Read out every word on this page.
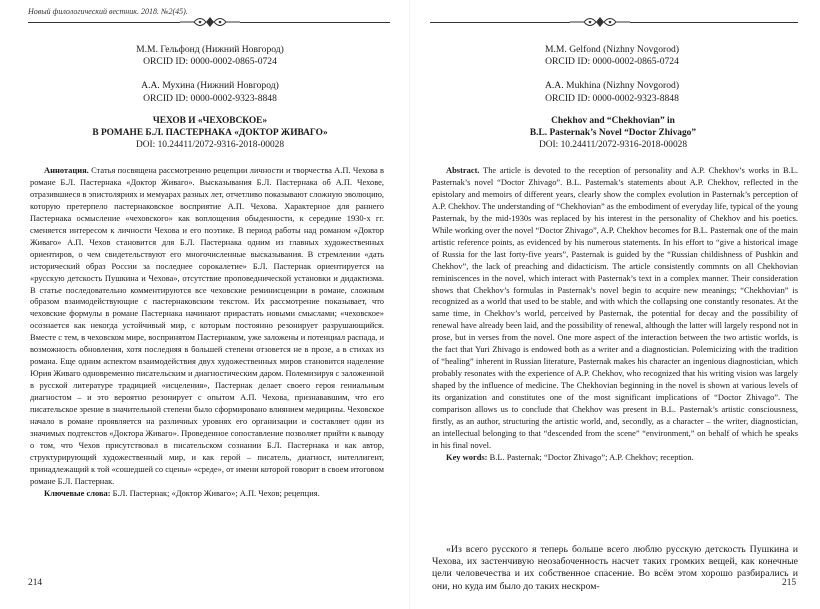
Новый филологический вестник. 2018. №2(45).
М.М. Гельфонд (Нижний Новгород)
ORCID ID: 0000-0002-0865-0724
А.А. Мухина (Нижний Новгород)
ORCID ID: 0000-0002-9323-8848
ЧЕХОВ И «ЧЕХОВСКОЕ»
В РОМАНЕ Б.Л. ПАСТЕРНАКА «ДОКТОР ЖИВАГО»
DOI: 10.24411/2072-9316-2018-00028

Аннотация. Статья посвящена рассмотрению рецепции личности и творчества А.П. Чехова в романе Б.Л. Пастернака «Доктор Живаго». Высказывания Б.Л. Пастернака об А.П. Чехове, отразившиеся в эпистоляриях и мемуарах разных лет, отчетливо показывают сложную эволюцию, которую претерпело пастернаковское восприятие А.П. Чехова. Характерное для раннего Пастернака осмысление «чеховского» как воплощения обыденности, к середине 1930-х гг. сменяется интересом к личности Чехова и его поэтике. В период работы над романом «Доктор Живаго» А.П. Чехов становится для Б.Л. Пастернака одним из главных художественных ориентиров, о чем свидетельствуют его многочисленные высказывания. В стремлении «дать исторический образ России за последнее сорокалетие» Б.Л. Пастернак ориентируется на «русскую детскость Пушкина и Чехова», отсутствие проповеднической установки и дидактизма. В статье последовательно комментируются все чеховские реминисценции в романе, сложным образом взаимодействующие с пастернаковским текстом. Их рассмотрение показывает, что чеховские формулы в романе Пастернака начинают прирастать новыми смыслами; «чеховское» осознается как некогда устойчивый мир, с которым постоянно резонирует разрушающийся. Вместе с тем, в чеховском мире, воспринятом Пастернаком, уже заложены и потенциал распада, и возможность обновления, хотя последняя в большей степени отзовется не в прозе, а в стихах из романа. Еще одним аспектом взаимодействия двух художественных миров становится наделение Юрия Живаго одновременно писательским и диагностическим даром. Полемизируя с заложенной в русской литературе традицией «исцеления», Пастернак делает своего героя гениальным диагностом – и это вероятно резонирует с опытом А.П. Чехова, признававшим, что его писательское зрение в значительной степени было сформировано влиянием медицины. Чеховское начало в романе проявляется на различных уровнях его организации и составляет один из значимых подтекстов «Доктора Живаго». Проведенное сопоставление позволяет прийти к выводу о том, что Чехов присутствовал в писательском сознании Б.Л. Пастернака и как автор, структурирующий художественный мир, и как герой – писатель, диагност, интеллигент, принадлежащий к той «сошедшей со сцены» «среде», от имени которой говорит в своем итоговом романе Б.Л. Пастернак.

Ключевые слова: Б.Л. Пастернак; «Доктор Живаго»; А.П. Чехов; рецепция.

214
M.M. Gelfond (Nizhny Novgorod)
ORCID ID: 0000-0002-0865-0724
A.A. Mukhina (Nizhny Novgorod)
ORCID ID: 0000-0002-9323-8848
Chekhov and “Chekhovian” in
B.L. Pasternak’s Novel “Doctor Zhivago”
DOI: 10.24411/2072-9316-2018-00028

Abstract. The article is devoted to the reception of personality and A.P. Chekhov’s works in B.L. Pasternak’s novel “Doctor Zhivago”. B.L. Pasternak’s statements about A.P. Chekhov, reflected in the epistolary and memoirs of different years, clearly show the complex evolution in Pasternak’s perception of A.P. Chekhov. The understanding of “Chekhovian” as the embodiment of everyday life, typical of the young Pasternak, by the mid-1930s was replaced by his interest in the personality of Chekhov and his poetics. While working over the novel “Doctor Zhivago”, A.P. Chekhov becomes for B.L. Pasternak one of the main artistic reference points, as evidenced by his numerous statements. In his effort to “give a historical image of Russia for the last forty-five years”, Pasternak is guided by the “Russian childishness of Pushkin and Chekhov”, the lack of preaching and didacticism. The article consistently commnts on all Chekhovian reminiscences in the novel, which interact with Pasternak’s text in a complex manner. Their consideration shows that Chekhov’s formulas in Pasternak’s novel begin to acquire new meanings; “Chekhovian” is recognized as a world that used to be stable, and with which the collapsing one constantly resonates. At the same time, in Chekhov’s world, perceived by Pasternak, the potential for decay and the possibility of renewal have already been laid, and the possibility of renewal, although the latter will largely respond not in prose, but in verses from the novel. One more aspect of the interaction between the two artistic worlds, is the fact that Yuri Zhivago is endowed both as a writer and a diagnostician. Polemicizing with the tradition of “healing” inherent in Russian literature, Pasternak makes his character an ingenious diagnostician, which probably resonates with the experience of A.P. Chekhov, who recognized that his writing vision was largely shaped by the influence of medicine. The Chekhovian beginning in the novel is shown at various levels of its organization and constitutes one of the most significant implications of “Doctor Zhivago”. The comparison allows us to conclude that Chekhov was present in B.L. Pasternak’s artistic consciousness, firstly, as an author, structuring the artistic world, and, secondly, as a character – the writer, diagnostician, an intellectual belonging to that “descended from the scene” “environment,” on behalf of which he speaks in his final novel.

Key words: B.L. Pasternak; “Doctor Zhivago”; A.P. Chekhov; reception.

«Из всего русского я теперь больше всего люблю русскую детскость Пушкина и Чехова, их застенчивую неозабоченность насчет таких громких вещей, как конечные цели человечества и их собственное спасение. Во всём этом хорошо разбирались и они, но куда им было до таких нескром-	215
